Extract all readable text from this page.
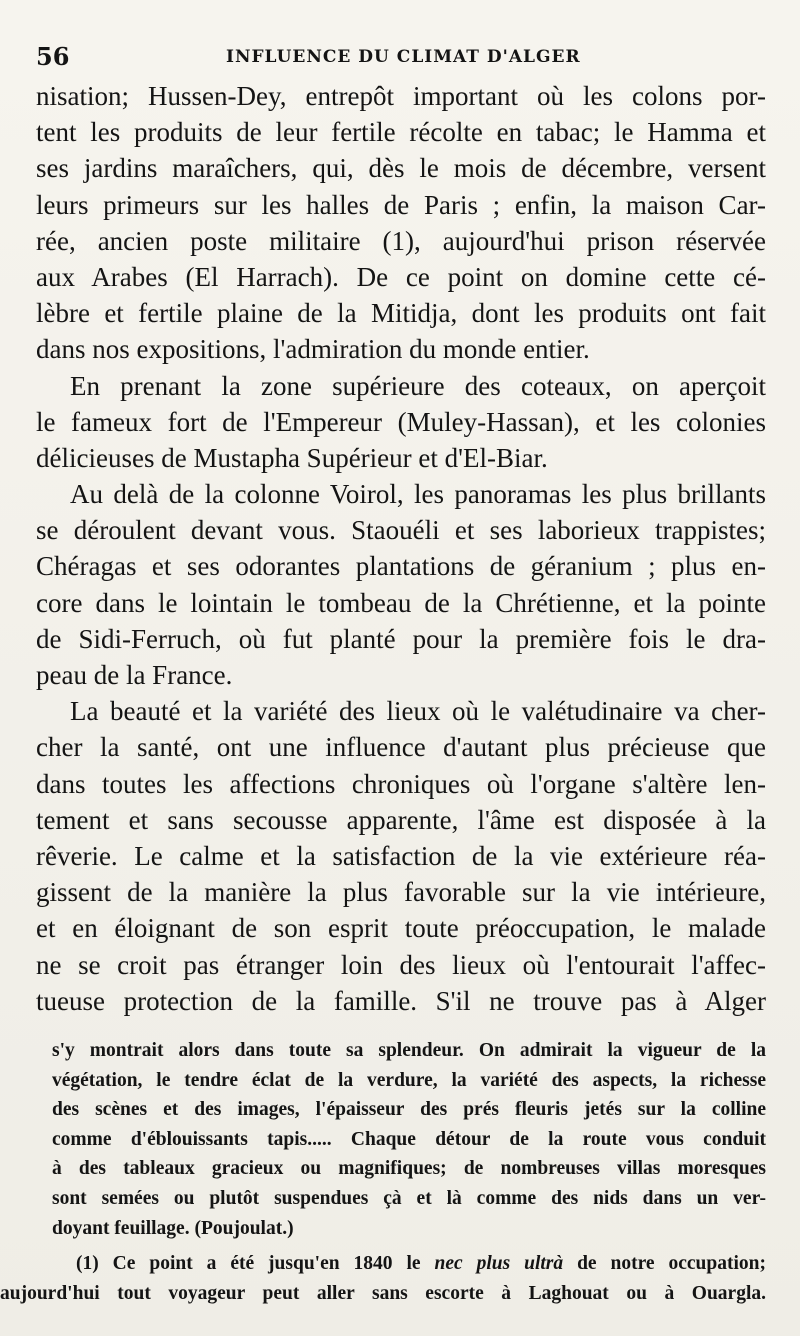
56	INFLUENCE DU CLIMAT D'ALGER
nisation; Hussen-Dey, entrepôt important où les colons por-
tent les produits de leur fertile récolte en tabac; le Hamma et
ses jardins maraîchers, qui, dès le mois de décembre, versent
leurs primeurs sur les halles de Paris ; enfin, la maison Car-
rée, ancien poste militaire (1), aujourd'hui prison réservée
aux Arabes (El Harrach). De ce point on domine cette cé-
lèbre et fertile plaine de la Mitidja, dont les produits ont fait
dans nos expositions, l'admiration du monde entier.
En prenant la zone supérieure des coteaux, on aperçoit
le fameux fort de l'Empereur (Muley-Hassan), et les colonies
délicieuses de Mustapha Supérieur et d'El-Biar.
Au delà de la colonne Voirol, les panoramas les plus brillants
se déroulent devant vous. Staouéli et ses laborieux trappistes;
Chéragas et ses odorantes plantations de géranium ; plus en-
core dans le lointain le tombeau de la Chrétienne, et la pointe
de Sidi-Ferruch, où fut planté pour la première fois le dra-
peau de la France.
La beauté et la variété des lieux où le valétudinaire va cher-
cher la santé, ont une influence d'autant plus précieuse que
dans toutes les affections chroniques où l'organe s'altère len-
tement et sans secousse apparente, l'âme est disposée à la
rêverie. Le calme et la satisfaction de la vie extérieure réa-
gissent de la manière la plus favorable sur la vie intérieure,
et en éloignant de son esprit toute préoccupation, le malade
ne se croit pas étranger loin des lieux où l'entourait l'affec-
tueuse protection de la famille. S'il ne trouve pas à Alger
s'y montrait alors dans toute sa splendeur. On admirait la vigueur de la
végétation, le tendre éclat de la verdure, la variété des aspects, la richesse
des scènes et des images, l'épaisseur des prés fleuris jetés sur la colline
comme d'éblouissants tapis..... Chaque détour de la route vous conduit
à des tableaux gracieux ou magnifiques; de nombreuses villas moresques
sont semées ou plutôt suspendues çà et là comme des nids dans un ver-
doyant feuillage. (Poujoulat.)
(1) Ce point a été jusqu'en 1840 le nec plus ultrà de notre occupation;
aujourd'hui tout voyageur peut aller sans escorte à Laghouat ou à Ouargla.
